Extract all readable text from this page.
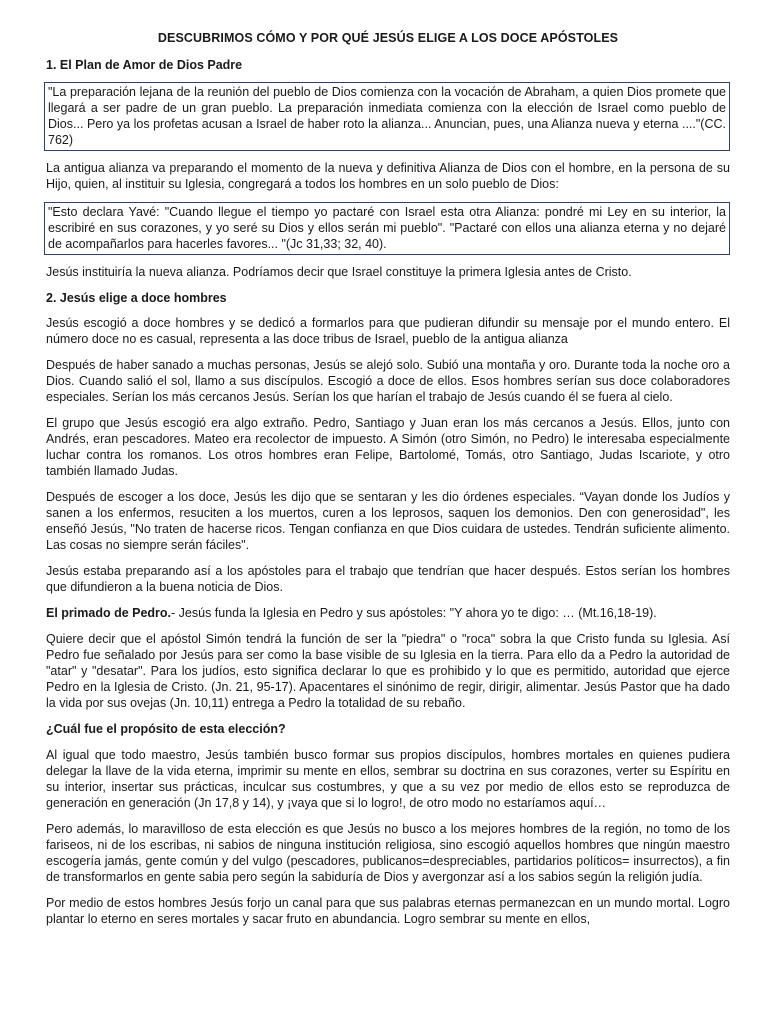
DESCUBRIMOS CÓMO Y POR QUÉ JESÚS ELIGE A LOS DOCE APÓSTOLES
1. El Plan de Amor de Dios Padre

"La preparación lejana de la reunión del pueblo de Dios comienza con la vocación de Abraham, a quien Dios promete que llegará a ser padre de un gran pueblo. La preparación inmediata comienza con la elección de Israel como pueblo de Dios... Pero ya los profetas acusan a Israel de haber roto la alianza... Anuncian, pues, una Alianza nueva y eterna ...."(CC. 762)

La antigua alianza va preparando el momento de la nueva y definitiva Alianza de Dios con el hombre, en la persona de su Hijo, quien, al instituir su Iglesia, congregará a todos los hombres en un solo pueblo de Dios:

"Esto declara Yavé: "Cuando llegue el tiempo yo pactaré con Israel esta otra Alianza: pondré mi Ley en su interior, la escribiré en sus corazones, y yo seré su Dios y ellos serán mi pueblo". "Pactaré con ellos una alianza eterna y no dejaré de acompañarlos para hacerles favores... "(Jc 31,33; 32, 40).

Jesús instituiría la nueva alianza. Podríamos decir que Israel constituye la primera Iglesia antes de Cristo.

2. Jesús elige a doce hombres

Jesús escogió a doce hombres y se dedicó a formarlos para que pudieran difundir su mensaje por el mundo entero. El número doce no es casual, representa a las doce tribus de Israel, pueblo de la antigua alianza

Después de haber sanado a muchas personas, Jesús se alejó solo. Subió una montaña y oro. Durante toda la noche oro a Dios. Cuando salió el sol, llamo a sus discípulos. Escogió a doce de ellos. Esos hombres serían sus doce colaboradores especiales. Serían los más cercanos Jesús. Serían los que harían el trabajo de Jesús cuando él se fuera al cielo.

El grupo que Jesús escogió era algo extraño. Pedro, Santiago y Juan eran los más cercanos a Jesús. Ellos, junto con Andrés, eran pescadores. Mateo era recolector de impuesto. A Simón (otro Simón, no Pedro) le interesaba especialmente luchar contra los romanos. Los otros hombres eran Felipe, Bartolomé, Tomás, otro Santiago, Judas Iscariote, y otro también llamado Judas.

Después de escoger a los doce, Jesús les dijo que se sentaran y les dio órdenes especiales. “Vayan donde los Judíos y sanen a los enfermos, resuciten a los muertos, curen a los leprosos, saquen los demonios. Den con generosidad", les enseñó Jesús, "No traten de hacerse ricos. Tengan confianza en que Dios cuidara de ustedes. Tendrán suficiente alimento. Las cosas no siempre serán fáciles".

Jesús estaba preparando así a los apóstoles para el trabajo que tendrían que hacer después. Estos serían los hombres que difundieron a la buena noticia de Dios.

El primado de Pedro.- Jesús funda la Iglesia en Pedro y sus apóstoles: "Y ahora yo te digo: … (Mt.16,18-19).

Quiere decir que el apóstol Simón tendrá la función de ser la "piedra" o "roca" sobra la que Cristo funda su Iglesia. Así Pedro fue señalado por Jesús para ser como la base visible de su Iglesia en la tierra. Para ello da a Pedro la autoridad de "atar" y "desatar". Para los judíos, esto significa declarar lo que es prohibido y lo que es permitido, autoridad que ejerce Pedro en la Iglesia de Cristo. (Jn. 21, 95-17). Apacentares el sinónimo de regir, dirigir, alimentar. Jesús Pastor que ha dado la vida por sus ovejas (Jn. 10,11) entrega a Pedro la totalidad de su rebaño.

¿Cuál fue el propósito de esta elección?

Al igual que todo maestro, Jesús también busco formar sus propios discípulos, hombres mortales en quienes pudiera delegar la llave de la vida eterna, imprimir su mente en ellos, sembrar su doctrina en sus corazones, verter su Espíritu en su interior, insertar sus prácticas, inculcar sus costumbres, y que a su vez por medio de ellos esto se reproduzca de generación en generación (Jn 17,8 y 14), y ¡vaya que si lo logro!, de otro modo no estaríamos aquí…

Pero además, lo maravilloso de esta elección es que Jesús no busco a los mejores hombres de la región, no tomo de los fariseos, ni de los escribas, ni sabios de ninguna institución religiosa, sino escogió aquellos hombres que ningún maestro escogería jamás, gente común y del vulgo (pescadores, publicanos=despreciables, partidarios políticos= insurrectos), a fin de transformarlos en gente sabia pero según la sabiduría de Dios y avergonzar así a los sabios según la religión judía.

Por medio de estos hombres Jesús forjo un canal para que sus palabras eternas permanezcan en un mundo mortal. Logro plantar lo eterno en seres mortales y sacar fruto en abundancia. Logro sembrar su mente en ellos,
